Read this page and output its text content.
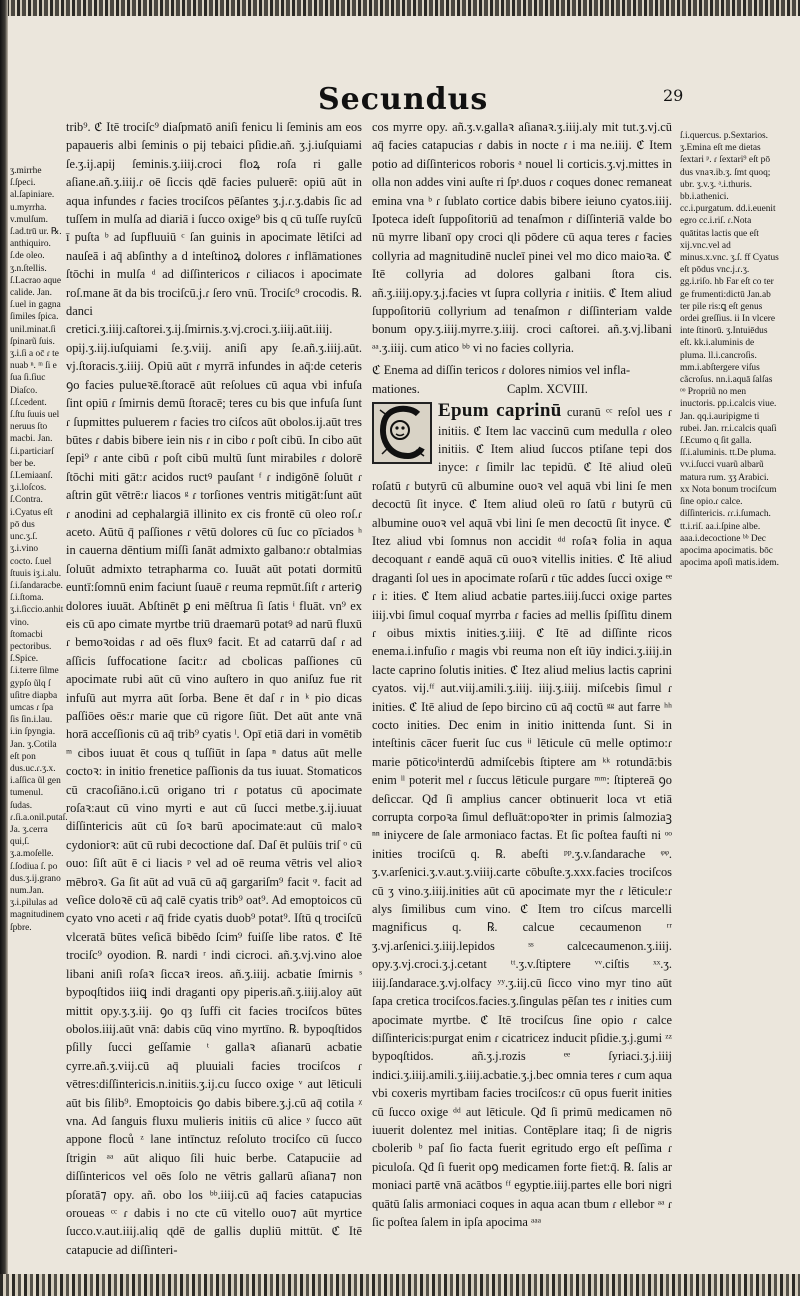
Secundus	29
ʒ.mirrhe ſ.ſpeci. al.ſapiniare. u.myrrha. v.mulſum. ſ.ad.trū ur. ℞. anthiquiro. ſ.de oleo. ʒ.n.ſtellis. ſ.Lacrao aque calide. Jan. ſ.uel in gagna ſimiles ſpica. unil.minat.ſi ſpinarũ ſuis. ʒ.i.ſi a oc̄ ɾ te nuab ⁿ. ᵐ ſi e ſua ſi.ſiuc Diaſco. ſ.ſ.cedent. ſ.ſtu ſuuis uel neruus ſto macbi. Jan. ſ.i.particiarſ ber be. ſ.Lemiaanſ. ʒ.i.loſcos. ſ.Contra. i.Cyatus eſt pō dus unc.ʒ.ſ. ʒ.i.vino cocto. ſ.uel ſtuuis iʒ.i.alu. ſ.i.ſandaracbe. ſ.i.ſtoma. ʒ.i.ſiccio.anhit vino. ſtomacbi pectoribus. ſ.Spice. ſ.i.terre ſilme gypſo ũlq ſ uſitre diapba umcas ɾ ſpa ſis ſin.i.lau. i.in ſpyngia. Jan. ʒ.Cotila eſt pon dus.uc.ɾ.ʒ.x. i.aſſica ũl gen tumenul. ſudas. ɾ.ſi.a.onil.putaſ. Ja. ʒ.cerra qui,ſ. ʒ.a.moſelle. ſ.ſodiua ſ. po dus.ʒ.ij.grano num.Jan. ʒ.i.pilulas ad magnitudinem ſpbre.
trib⁹. ℭ Itē trociſc⁹ diaſpmatō aniſi fenicu li ſeminis am eos papaueris albi ſeminis o pij tebaici pſidie.añ. ʒ.j.iuſquiami ſe.ʒ.ij.apij ſeminis.ʒ.iiij.croci floꝝ roſa ri galle aſiane.añ.ʒ.iiij.ɾ oē ſiccis ɋdē facies puluerē: opiū aūt in aqua infundes ɾ facies trociſcos pēſantes ʒ.j.ɾ.ʒ.dabis ſic ad tuſſem in mulſa ad diariā i ſucco oxige⁹ bis ɋ cū tuſſe ruyſcū ī puſta ᵇ ad ſupfluuiū ᶜ ſan guinis in apocimate lētiſci ad nauſeā i aq̄ abſinthy a d inteſtinoꝝ dolores ɾ inflāmationes ſtōchi in mulſa ᵈ ad diſſintericos ɾ ciliacos i apocimate roſ.mane āt da bis trociſcū.j.ɾ ſero vnū. Trociſc⁹ crocodis. ℞. danci cretici.ʒ.iiij.caſtorei.ʒ.ij.ſmirnis.ʒ.vj.croci.ʒ.iiij.aūt.iiij. opij.ʒ.iij.iuſquiami ſe.ʒ.viij. aniſi apy ſe.añ.ʒ.iiij.aūt. vj.ſtoracis.ʒ.iiij. Opiū aūt ɾ myrrā infundes in aq̄:de ceteris ꝯo facies pulueꝛē.ſtoracē aūt reſolues cū aqua vbi infuſa ſint opiū ɾ ſmirnis demū ſtoracē; teres cu bis que infuſa ſunt ɾ ſupmittes puluerem ɾ facies tro ciſcos aūt obolos.ij.aūt tres būtes ɾ dabis bibere iein nis ɾ in cibo ɾ poſt cibū. In cibo aūt ſepi⁹ ɾ ante cibū ɾ poſt cibū multū ſunt mirabiles ɾ dolorē ſtōchi miti gāt:ɾ acidos ructꝰ pauſant ᶠ ɾ indigōnē ſoluūt ɾ aſtrin gūt vētrē:ɾ liacos ᵍ ɾ torſiones ventris mitigāt:ſunt aūt ɾ anodini ad cephalargiā illinito ex cis frontē cū oleo roſ.ɾ aceto. Aūtū q̄ paſſiones ɾ vētū dolores cū ſuc co pīciados ʰ in cauerna dēntium miſſi ſanāt admixto galbano:ɾ obtalmias ſoluūt admixto tetrapharma co. Iuuāt aūt potati dormitū euntī:ſomnū enim faciunt ſuauē ɾ reuma repmūt.ſiſt ɾ arteriꝯ dolores iuuāt. Abſtinēt ꝑ eni mēſtrua ſi ſatis ⁱ fluāt. vn⁹ ex eis cū apo cimate myrtbe triū draemarū potatꝰ ad narū fluxū ɾ bemoꝛoidas ɾ ad oēs fluxꝰ facit. Et ad catarrū daſ ɾ ad aſſicis ſuffocatione ſacit:ɾ ad cbolicas paſſiones cū apocimate rubi aūt cū vino auſtero in quo aniſuz fue rit infuſū aut myrra aūt ſorba. Bene ēt daſ ɾ in ᵏ pio dicas paſſiōes oēs:ɾ marie que cū rigore ſiūt. Det aūt ante vnā horā acceſſionis cū aq̄ trib⁹ cyatis ˡ. Opī etiā dari in vomētib ᵐ cibos iuuat ēt cous ɋ tuſſiūt in ſapa ⁿ datus aūt melle coctoꝛ: in initio frenetice paſſionis da tus iuuat. Stomaticos cū cracoſiāno.i.cū origano tri ɾ potatus cū apocimate roſaꝛ:aut cū vino myrti e aut cū ſucci metbe.ʒ.ij.iuuat diſſintericis aūt cū ſoꝛ barū apocimate:aut cū maloꝛ cydoniorꝛ: aūt cū rubi decoctione daſ. Daſ ēt pulūis triſ ᵒ cū ouo: ſiſt aūt ē ci liacis ᵖ vel ad oē reuma vētris vel alioꝛ mēbroꝛ. Ga ſit aūt ad vuā cū aq̄ gargariſm⁹ facit ᵠ. facit ad veſice doloꝛē cū aq̄ calē cyatis trib⁹ oat⁹. Ad emoptoicos cū cyato vno aceti ɾ aq̄ fride cyatis duob⁹ potat⁹. Iſtū ɋ trociſcū vlceratā būtes veſicā bibēdo ſcim⁹ fuiſſe libe ratos. ℭ Itē trociſc⁹ oyodion. ℞. nardi ʳ indi cicroci. añ.ʒ.vj.vino aloe libani aniſi roſaꝛ ſiccaꝛ ireos. añ.ʒ.iiij. acbatie ſmirnis ˢ bypoqſtidos iiiꝗ indi draganti opy piperis.añ.ʒ.iiij.aloy aūt mittit opy.ʒ.ʒ.iij. ꝯo qȝ ſuffi cit facies trociſcos būtes obolos.iiij.aūt vnā: dabis cūq vino myrtīno. ℞. bypoqſtidos pſilly ſucci geſſamie ᵗ gallaꝛ aſianarū acbatie cyrre.añ.ʒ.viij.cū aq̄ pluuiali facies trociſcos ɾ vētres:diſſintericis.n.initiis.ʒ.ij.cu ſucco oxige ᵛ aut lēticuli aūt bis ſilib⁹. Emoptoicis ꝯo dabis bibere.ʒ.j.cū aq̄ cotila ᵡ vna. Ad ſanguis fluxu mulieris initiis cū alice ʸ ſucco aūt appone floců ᶻ lane intīnctuz reſoluto trociſco cū ſucco ſtrigin ᵃᵃ aūt aliquo ſili huic berbe. Catapuciie ad diſſintericos vel oēs ſolo ne vētris gallarū aſiana⁊ non pſoratā⁊ opy. añ. obo los ᵇᵇ.iiij.cū aq̄ facies catapucias oroueas ᶜᶜ ɾ dabis i no cte cū vitello ouo⁊ aūt myrtice ſucco.v.aut.iiij.aliq ɋdē de gallis dupliū mittūt. ℭ Itē catapucie ad diſſinteri-
cos myrre opy. añ.ʒ.v.gallaꝛ aſianaꝛ.ʒ.iiij.aly mit tut.ʒ.vj.cū aq̄ facies catapucias ɾ dabis in nocte ɾ i ma ne.iiij. ℭ Item potio ad diſſintericos roboris ᵃ nouel li corticis.ʒ.vj.mittes in olla non addes vini auſte ri ſpˢ.duos ɾ coques donec remaneat emina vna ᵇ ɾ ſublato cortice dabis bibere ieiuno cyatos.iiij. Ipoteca ideſt ſuppoſitoriū ad tenaſmon ɾ diſſinteriā valde bo nū myrre libanī opy croci ɋli pōdere cū aqua teres ɾ facies collyria ad magnitudinē nucleī pinei vel mo dico maioꝛa. ℭ Itē collyria ad dolores galbani ſtora cis. añ.ʒ.iiij.opy.ʒ.j.facies vt ſupra collyria ɾ initiis. ℭ Item aliud ſuppoſitoriū collyrium ad tenaſmon ɾ diſſinteriam valde bonum opy.ʒ.iiij.myrre.ʒ.iiij. croci caſtorei. añ.ʒ.vj.libani ᵃᵃ.ʒ.iiij. cum atico ᵇᵇ vi no facies collyria.
ℭ Enema ad diſſin tericos ɾ dolores nimios vel infla-
mationes.	Caplm. XCVIII.
Epum caprinū curanū ᶜᶜ reſol ues ɾ initiis. ℭ Item lac vaccinū cum medulla ɾ oleo initiis. ℭ Item aliud ſuccos ptiſane tepi dos inyce: ɾ ſimilr lac tepidū. ℭ Itē aliud oleū roſatū ɾ butyrū cū albumine ouoꝛ vel aquā vbi lini ſe men decoctū ſit inyce. ℭ Item aliud oleū ro ſatū ɾ butyrū cū albumine ouoꝛ vel aquā vbi lini ſe men decoctū ſit inyce. ℭ Itez aliud vbi ſomnus non accidit ᵈᵈ roſaꝛ folia in aqua decoquant ɾ eandē aquā cū ouoꝛ vitellis inities. ℭ Itē aliud draganti ſol ues in apocimate roſarū ɾ tūc addes ſucci oxige ᵉᵉ ɾ i: ities. ℭ Item aliud acbatie partes.iiij.ſucci oxige partes iiij.vbi ſimul coquaſ myrrba ɾ facies ad mellis ſpiſſitu dinem ɾ oibus mixtis inities.ʒ.iiij. ℭ Itē ad diſſinte ricos enema.i.infuſio ɾ magis vbi reuma non eſt iūy indici.ʒ.iiij.in lacte caprino ſolutis inities. ℭ Itez aliud melius lactis caprini cyatos. vij.ᶠᶠ aut.viij.amili.ʒ.iiij. iiij.ʒ.iiij. miſcebis ſimul ɾ inities. ℭ Itē aliud de ſepo bircino cū aq̄ coctū ᵍᵍ aut farre ʰʰ cocto inities. Dec enim in initio inittenda ſunt. Si in inteſtinis cācer fuerit ſuc cus ⁱⁱ lēticule cū melle optimo:ɾ marie pōticoⁱinterdū admiſcebis ſtiptere am ᵏᵏ rotundā:bis enim ˡˡ poterit mel ɾ ſuccus lēticule purgare ᵐᵐ: ſtiptereā ꝯo deſiccar. Qđ ſi amplius cancer obtinuerit loca vt etiā corrupta corpoꝛa ſimul defluāt:opoꝛter in primis ſalmoziaꝫ ⁿⁿ iniycere de ſale armoniaco factas. Et ſic poſtea fauſti ni ᵒᵒ inities trociſcū q. ℞. abeſti ᵖᵖ.ʒ.v.ſandarache ᵠᵠ. ʒ.v.arſenici.ʒ.v.aut.ʒ.viiij.carte cōbuſte.ʒ.xxx.facies trociſcos cū ʒ vino.ʒ.iiij.inities aūt cū apocimate myr the ɾ lēticule:ɾ alys ſimilibus cum vino. ℭ Item tro ciſcus marcelli magnificus q. ℞. calcue cecaumenon ʳʳ ʒ.vj.arſenici.ʒ.iiij.lepidos ˢˢ calcecaumenon.ʒ.iiij. opy.ʒ.vj.croci.ʒ.j.cetant ᵗᵗ.ʒ.v.ſtiptere ᵛᵛ.ciſtis ˣˣ.ʒ. iiij.ſandarace.ʒ.vj.olfacy ʸʸ.ʒ.iij.cū ſicco vino myr tino aūt ſapa cretica trociſcos.facies.ʒ.ſingulas pēſan tes ɾ inities cum apocimate myrtbe. ℭ Itē trociſcus ſine opio ɾ calce diſſintericis:purgat enim ɾ cicatricez inducit pſidie.ʒ.j.gumi ᶻᶻ bypoqſtidos. añ.ʒ.j.rozis ᵉᵉ ſyriaci.ʒ.j.iiij indici.ʒ.iiij.amili.ʒ.iiij.acbatie.ʒ.j.bec omnia teres ɾ cum aqua vbi coxeris myrtibam facies trociſcos:ɾ cū opus fuerit inities cū ſucco oxige ᵈᵈ aut lēticule. Qđ ſi primū medicamen nō iuuerit dolentez mel initias. Contēplare itaq; ſi de nigris cbolerib ᵇ paſ ſio facta fuerit egritudo ergo eſt peſſima ɾ piculoſa. Qđ ſi fuerit opꝯ medicamen forte fiet:q̄. ℞. ſalis ar moniaci partē vnā acātbos ᶠᶠ egyptie.iiij.partes elle bori nigri quātū ſalis armoniaci coques in aqua acan tbum ɾ ellebor ᵃᵃ ɾ ſic poſtea ſalem in ipſa apocima ᵃᵃᵃ
ſ.i.quercus. p.Sextarios. ʒ.Emina eſt me dietas ſextari ᵖ. ɾ ſextari⁹ eſt pō dus vnaꝛ.ib.ʒ. ſmt quoq; ubr. ʒ.v.ʒ. ᵃ.i.thuris. bb.i.athenici. cc.i.purgatum. dd.i.euenit egro cc.i.riſ. ɾ.Nota quātitas lactis que eſt xij.vnc.vel ad minus.x.vnc. ʒ.ſ. ff Cyatus eſt pōdus vnc.j.ɾ.ʒ. gg.i.riſo. hb Far eſt co ter ge frumenti:dictū Jan.ab ter pile ris:ꝗ eſt genus ordei greſſius. ii In vlcere inte ſtinorū. ʒ.Intuiēdus eſt. kk.i.aluminis de pluma. ll.i.cancroſis. mm.i.abſtergere viſus cãcroſus. nn.i.aquā ſalſas ᵒᵒ Propriũ no men inuctoris. pp.i.calcis viue. Jan. qq.i.auripigme ti rubei. Jan. rr.i.calcis quaſi ſ.Ecumo ɋ ſit galla. ſſ.i.aluminis. tt.De pluma. vv.i.ſucci vuarũ albarũ matura rum. ʒʒ Arabici. xx Nota bonum trociſcum ſine opio.ɾ calce. diſſintericis. ɾɾ.i.ſumach. tt.i.riſ. aa.i.ſpine albe. aaa.i.decoctione ᵇᵇ Dec apocima apocimatis. bōc apocima apoſi matis.idem.
